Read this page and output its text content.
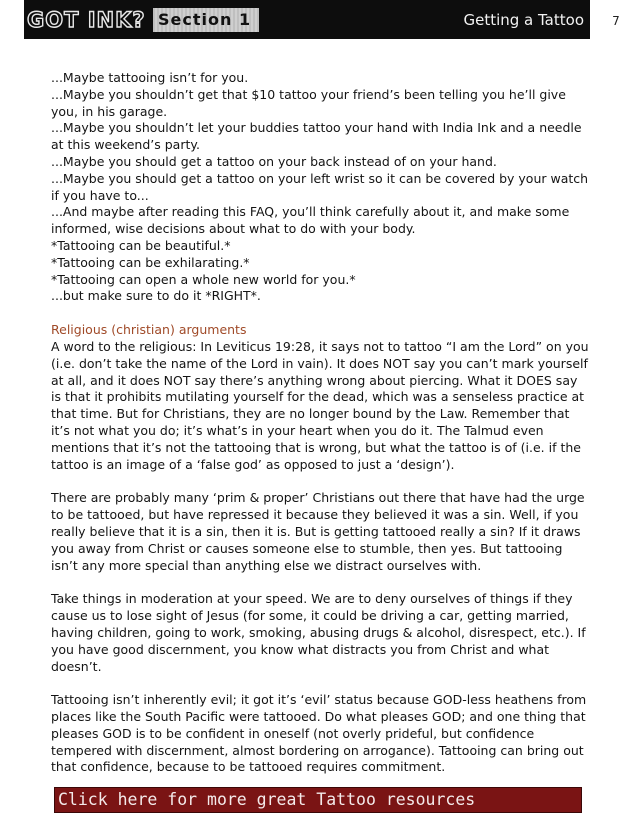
GOT INK? Section 1	Getting a Tattoo	7

...Maybe tattooing isn’t for you.

...Maybe you shouldn’t get that $10 tattoo your friend’s been telling you he’ll give you, in his garage.

...Maybe you shouldn’t let your buddies tattoo your hand with India Ink and a needle at this weekend’s party.

...Maybe you should get a tattoo on your back instead of on your hand.

...Maybe you should get a tattoo on your left wrist so it can be covered by your watch if you have to...

...And maybe after reading this FAQ, you’ll think carefully about it, and make some informed, wise decisions about what to do with your body.

*Tattooing can be beautiful.*

*Tattooing can be exhilarating.*

*Tattooing can open a whole new world for you.*

...but make sure to do it *RIGHT*.

Religious (christian) arguments

A word to the religious: In Leviticus 19:28, it says not to tattoo “I am the Lord” on you (i.e. don’t take the name of the Lord in vain). It does NOT say you can’t mark yourself at all, and it does NOT say there’s anything wrong about piercing. What it DOES say is that it prohibits mutilating yourself for the dead, which was a senseless practice at that time. But for Christians, they are no longer bound by the Law. Remember that it’s not what you do; it’s what’s in your heart when you do it. The Talmud even mentions that it’s not the tattooing that is wrong, but what the tattoo is of (i.e. if the tattoo is an image of a ‘false god’ as opposed to just a ‘design’).

There are probably many ‘prim & proper’ Christians out there that have had the urge to be tattooed, but have repressed it because they believed it was a sin. Well, if you really believe that it is a sin, then it is. But is getting tattooed really a sin? If it draws you away from Christ or causes someone else to stumble, then yes. But tattooing isn’t any more special than anything else we distract ourselves with.

Take things in moderation at your speed. We are to deny ourselves of things if they cause us to lose sight of Jesus (for some, it could be driving a car, getting married, having children, going to work, smoking, abusing drugs & alcohol, disrespect, etc.). If you have good discernment, you know what distracts you from Christ and what doesn’t.

Tattooing isn’t inherently evil; it got it’s ‘evil’ status because GOD-less heathens from places like the South Pacific were tattooed. Do what pleases GOD; and one thing that pleases GOD is to be confident in oneself (not overly prideful, but confidence tempered with discernment, almost bordering on arrogance). Tattooing can bring out that confidence, because to be tattooed requires commitment.

Click here for more great Tattoo resources
